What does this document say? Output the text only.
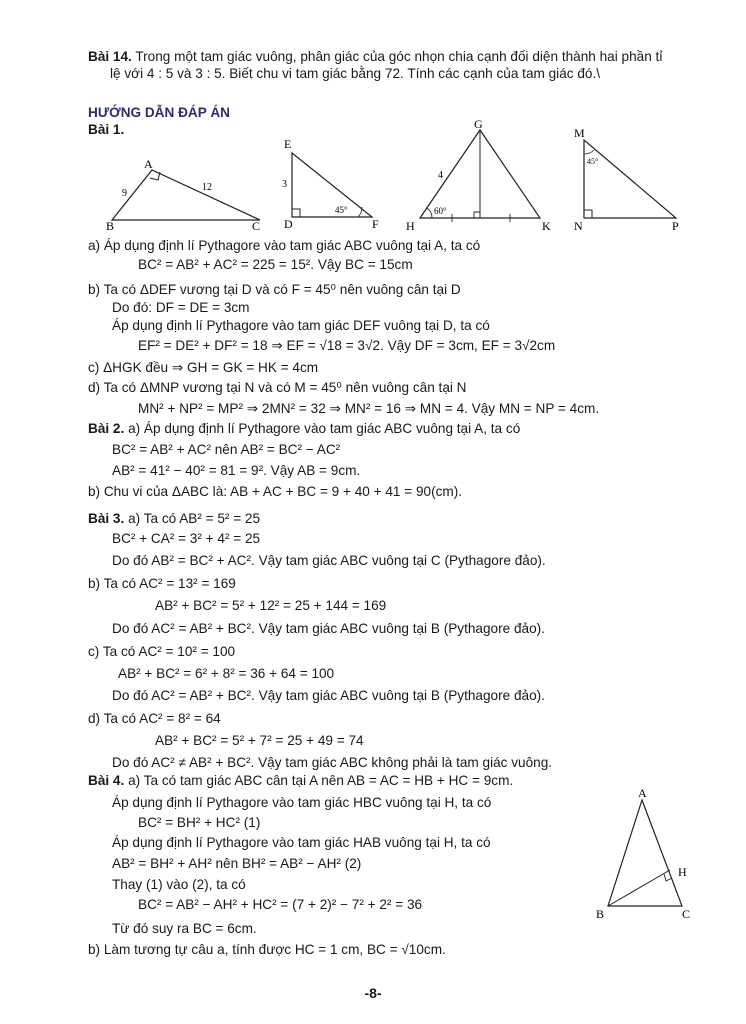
Bài 14. Trong một tam giác vuông, phân giác của góc nhọn chia cạnh đối diện thành hai phần tỉ
lệ với 4 : 5 và 3 : 5. Biết chu vi tam giác bằng 72. Tính các cạnh của tam giác đó.\
HƯỚNG DẪN ĐÁP ÁN
Bài 1.
A
B	C
9
12
E
D	F
3
45°
G
H	K
4
60°
M
N	P
45°
a) Áp dụng định lí Pythagore vào tam giác ABC vuông tại A, ta có
BC² = AB² + AC² = 225 = 15². Vậy BC = 15cm
b) Ta có ΔDEF vương tại D và có F = 45⁰ nên vuông cân tại D
Do đó: DF = DE = 3cm
Áp dụng định lí Pythagore vào tam giác DEF vuông tại D, ta có
EF² = DE² + DF² = 18 ⇒ EF = √18 = 3√2. Vậy DF = 3cm, EF = 3√2cm
c) ΔHGK đều ⇒ GH = GK = HK = 4cm
d) Ta có ΔMNP vương tại N và có M = 45⁰ nên vuông cân tại N
MN² + NP² = MP² ⇒ 2MN² = 32 ⇒ MN² = 16 ⇒ MN = 4. Vậy MN = NP = 4cm.
Bài 2. a) Áp dụng định lí Pythagore vào tam giác ABC vuông tại A, ta có
BC² = AB² + AC² nên AB² = BC² − AC²
AB² = 41² − 40² = 81 = 9². Vậy AB = 9cm.
b) Chu vi của ΔABC là: AB + AC + BC = 9 + 40 + 41 = 90(cm).
Bài 3. a) Ta có AB² = 5² = 25
BC² + CA² = 3² + 4² = 25
Do đó AB² = BC² + AC². Vậy tam giác ABC vuông tại C (Pythagore đảo).
b) Ta có AC² = 13² = 169
AB² + BC² = 5² + 12² = 25 + 144 = 169
Do đó AC² = AB² + BC². Vậy tam giác ABC vuông tại B (Pythagore đảo).
c) Ta có AC² = 10² = 100
AB² + BC² = 6² + 8² = 36 + 64 = 100
Do đó AC² = AB² + BC². Vậy tam giác ABC vuông tại B (Pythagore đảo).
d) Ta có AC² = 8² = 64
AB² + BC² = 5² + 7² = 25 + 49 = 74
Do đó AC² ≠ AB² + BC². Vậy tam giác ABC không phải là tam giác vuông.
Bài 4. a) Ta có tam giác ABC cân tại A nên AB = AC = HB + HC = 9cm.
Áp dụng định lí Pythagore vào tam giác HBC vuông tại H, ta có
BC² = BH² + HC² (1)
Áp dụng định lí Pythagore vào tam giác HAB vuông tại H, ta có
AB² = BH² + AH² nên BH² = AB² − AH² (2)
Thay (1) vào (2), ta có
BC² = AB² − AH² + HC² = (7 + 2)² − 7² + 2² = 36
Từ đó suy ra BC = 6cm.
b) Làm tương tự câu a, tính được HC = 1 cm, BC = √10cm.
A
B	C
H
-8-
